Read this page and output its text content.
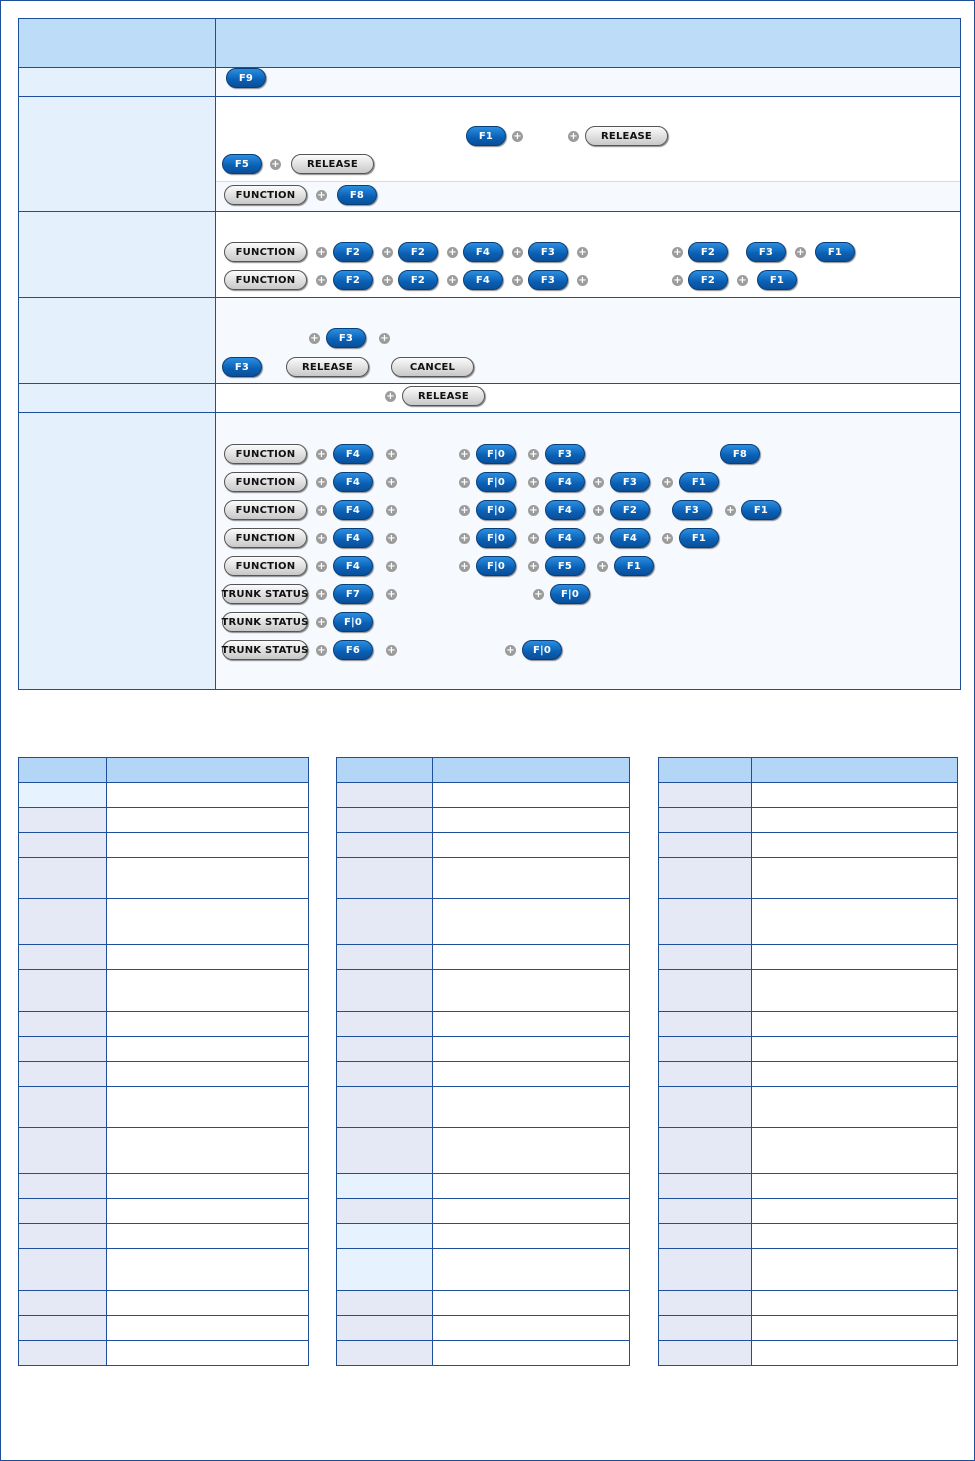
F9
F1	+	+	RELEASE
F5	+	RELEASE
FUNCTION	+	F8
FUNCTION	+	F2	+	F2	+	F4	+	F3	+	+	F2	F3	+	F1
FUNCTION	+	F2	+	F2	+	F4	+	F3	+	+	F2	+	F1
+	F3	+
F3	RELEASE	CANCEL
+	RELEASE
FUNCTION	+	F4	+	+	F|0	+	F3	F8
FUNCTION	+	F4	+	+	F|0	+	F4	+	F3	+	F1
FUNCTION	+	F4	+	+	F|0	+	F4	+	F2	F3	+	F1
FUNCTION	+	F4	+	+	F|0	+	F4	+	F4	+	F1
FUNCTION	+	F4	+	+	F|0	+	F5	+	F1
TRUNK STATUS +	F7	+	+	F|0
TRUNK STATUS +	F|0
TRUNK STATUS +	F6	+	+	F|0
